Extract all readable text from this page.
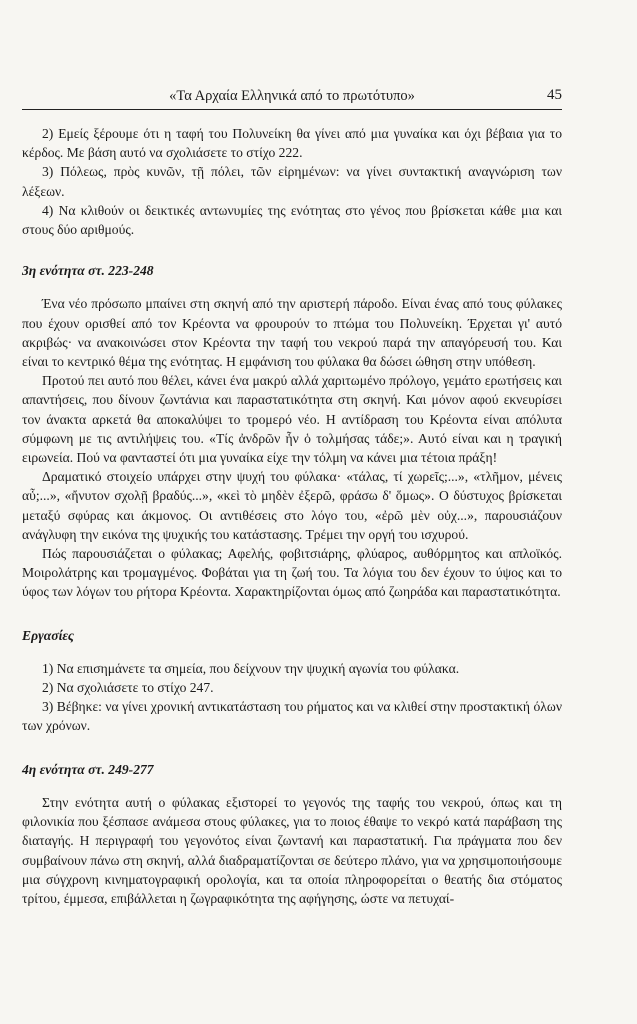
«Τα Αρχαία Ελληνικά από το πρωτότυπο»	45

2) Εμείς ξέρουμε ότι η ταφή του Πολυνείκη θα γίνει από μια γυναίκα και όχι βέβαια για το κέρδος. Με βάση αυτό να σχολιάσετε το στίχο 222.

3) Πόλεως, πρὸς κυνῶν, τῇ πόλει, τῶν εἰρημένων: να γίνει συντακτική αναγνώριση των λέξεων.

4) Να κλιθούν οι δεικτικές αντωνυμίες της ενότητας στο γένος που βρίσκεται κάθε μια και στους δύο αριθμούς.

3η ενότητα στ. 223-248

Ένα νέο πρόσωπο μπαίνει στη σκηνή από την αριστερή πάροδο. Είναι ένας από τους φύλακες που έχουν ορισθεί από τον Κρέοντα να φρουρούν το πτώμα του Πολυνείκη. Έρχεται γι' αυτό ακριβώς· να ανακοινώσει στον Κρέοντα την ταφή του νεκρού παρά την απαγόρευσή του. Και είναι το κεντρικό θέμα της ενότητας. Η εμφάνιση του φύλακα θα δώσει ώθηση στην υπόθεση.

Προτού πει αυτό που θέλει, κάνει ένα μακρύ αλλά χαριτωμένο πρόλογο, γεμάτο ερωτήσεις και απαντήσεις, που δίνουν ζωντάνια και παραστατικότητα στη σκηνή. Και μόνον αφού εκνευρίσει τον άνακτα αρκετά θα αποκαλύψει το τρομερό νέο. Η αντίδραση του Κρέοντα είναι απόλυτα σύμφωνη με τις αντιλήψεις του. «Τίς ἀνδρῶν ἦν ὁ τολμήσας τάδε;». Αυτό είναι και η τραγική ειρωνεία. Πού να φανταστεί ότι μια γυναίκα είχε την τόλμη να κάνει μια τέτοια πράξη!

Δραματικό στοιχείο υπάρχει στην ψυχή του φύλακα· «τάλας, τί χωρεῖς;...», «τλῆμον, μένεις αὖ;...», «ἤνυτον σχολῇ βραδύς...», «κεὶ τὸ μηδὲν ἐξερῶ, φράσω δ' ὅμως». Ο δύστυχος βρίσκεται μεταξύ σφύρας και άκμονος. Οι αντιθέσεις στο λόγο του, «ἐρῶ μὲν οὐχ...», παρουσιάζουν ανάγλυφη την εικόνα της ψυχικής του κατάστασης. Τρέμει την οργή του ισχυρού.

Πώς παρουσιάζεται ο φύλακας; Αφελής, φοβιτσιάρης, φλύαρος, αυθόρμητος και απλοϊκός. Μοιρολάτρης και τρομαγμένος. Φοβάται για τη ζωή του. Τα λόγια του δεν έχουν το ύψος και το ύφος των λόγων του ρήτορα Κρέοντα. Χαρακτηρίζονται όμως από ζωηράδα και παραστατικότητα.

Εργασίες

1) Να επισημάνετε τα σημεία, που δείχνουν την ψυχική αγωνία του φύλακα.

2) Να σχολιάσετε το στίχο 247.

3) Βέβηκε: να γίνει χρονική αντικατάσταση του ρήματος και να κλιθεί στην προστακτική όλων των χρόνων.

4η ενότητα στ. 249-277

Στην ενότητα αυτή ο φύλακας εξιστορεί το γεγονός της ταφής του νεκρού, όπως και τη φιλονικία που ξέσπασε ανάμεσα στους φύλακες, για το ποιος έθαψε το νεκρό κατά παράβαση της διαταγής. Η περιγραφή του γεγονότος είναι ζωντανή και παραστατική. Για πράγματα που δεν συμβαίνουν πάνω στη σκηνή, αλλά διαδραματίζονται σε δεύτερο πλάνο, για να χρησιμοποιήσουμε μια σύγχρονη κινηματογραφική ορολογία, και τα οποία πληροφορείται ο θεατής δια στόματος τρίτου, έμμεσα, επιβάλλεται η ζωγραφικότητα της αφήγησης, ώστε να πετυχαί-
